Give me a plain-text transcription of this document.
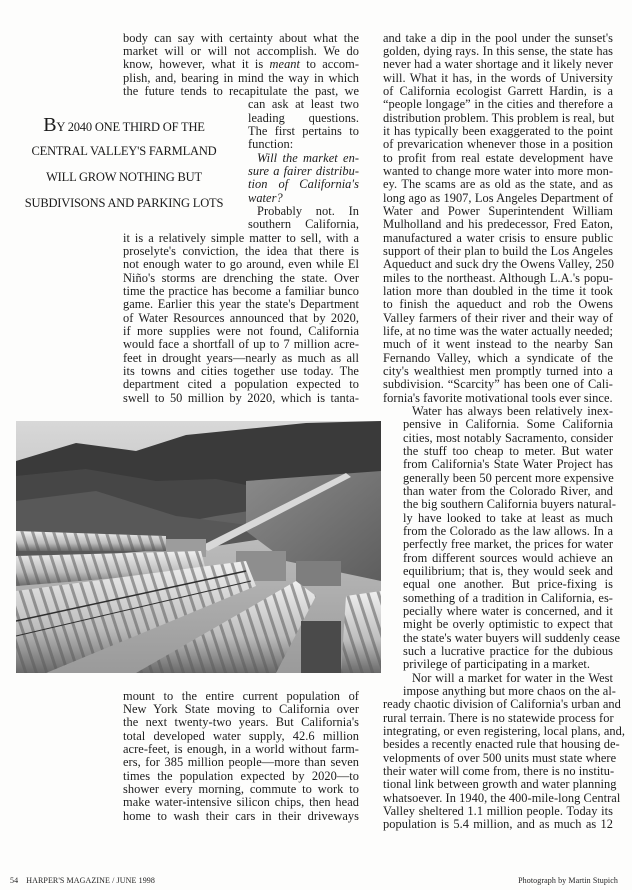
body can say with certainty about what the
market will or will not accomplish. We do
know, however, what it is meant to accom-
plish, and, bearing in mind the way in which
the future tends to recapitulate the past, we
can ask at least two
leading questions.
The first pertains to
function:
Will the market en-
sure a fairer distribu-
tion of California's
water?
Probably not. In
southern California,
it is a relatively simple matter to sell, with a
proselyte's conviction, the idea that there is
not enough water to go around, even while El
Niño's storms are drenching the state. Over
time the practice has become a familiar bunco
game. Earlier this year the state's Department
of Water Resources announced that by 2020,
if more supplies were not found, California
would face a shortfall of up to 7 million acre-
feet in drought years—nearly as much as all
its towns and cities together use today. The
department cited a population expected to
swell to 50 million by 2020, which is tanta-
mount to the entire current population of
New York State moving to California over
the next twenty-two years. But California's
total developed water supply, 42.6 million
acre-feet, is enough, in a world without farm-
ers, for 385 million people—more than seven
times the population expected by 2020—to
shower every morning, commute to work to
make water-intensive silicon chips, then head
home to wash their cars in their driveways
BY 2040 ONE THIRD OF THE
CENTRAL VALLEY'S FARMLAND
WILL GROW NOTHING BUT
SUBDIVISONS AND PARKING LOTS
and take a dip in the pool under the sunset's
golden, dying rays. In this sense, the state has
never had a water shortage and it likely never
will. What it has, in the words of University
of California ecologist Garrett Hardin, is a
“people longage” in the cities and therefore a
distribution problem. This problem is real, but
it has typically been exaggerated to the point
of prevarication whenever those in a position
to profit from real estate development have
wanted to change more water into more mon-
ey. The scams are as old as the state, and as
long ago as 1907, Los Angeles Department of
Water and Power Superintendent William
Mulholland and his predecessor, Fred Eaton,
manufactured a water crisis to ensure public
support of their plan to build the Los Angeles
Aqueduct and suck dry the Owens Valley, 250
miles to the northeast. Although L.A.'s popu-
lation more than doubled in the time it took
to finish the aqueduct and rob the Owens
Valley farmers of their river and their way of
life, at no time was the water actually needed;
much of it went instead to the nearby San
Fernando Valley, which a syndicate of the
city's wealthiest men promptly turned into a
subdivision. “Scarcity” has been one of Cali-
fornia's favorite motivational tools ever since.
Water has always been relatively inex-
pensive in California. Some California
cities, most notably Sacramento, consider
the stuff too cheap to meter. But water
from California's State Water Project has
generally been 50 percent more expensive
than water from the Colorado River, and
the big southern California buyers natural-
ly have looked to take at least as much
from the Colorado as the law allows. In a
perfectly free market, the prices for water
from different sources would achieve an
equilibrium; that is, they would seek and
equal one another. But price-fixing is
something of a tradition in California, es-
pecially where water is concerned, and it
might be overly optimistic to expect that
the state's water buyers will suddenly cease
such a lucrative practice for the dubious
privilege of participating in a market.
Nor will a market for water in the West
impose anything but more chaos on the al-
ready chaotic division of California's urban and
rural terrain. There is no statewide process for
integrating, or even registering, local plans, and,
besides a recently enacted rule that housing de-
velopments of over 500 units must state where
their water will come from, there is no institu-
tional link between growth and water planning
whatsoever. In 1940, the 400-mile-long Central
Valley sheltered 1.1 million people. Today its
population is 5.4 million, and as much as 12
54 HARPER'S MAGAZINE / JUNE 1998	Photograph by Martin Stupich
